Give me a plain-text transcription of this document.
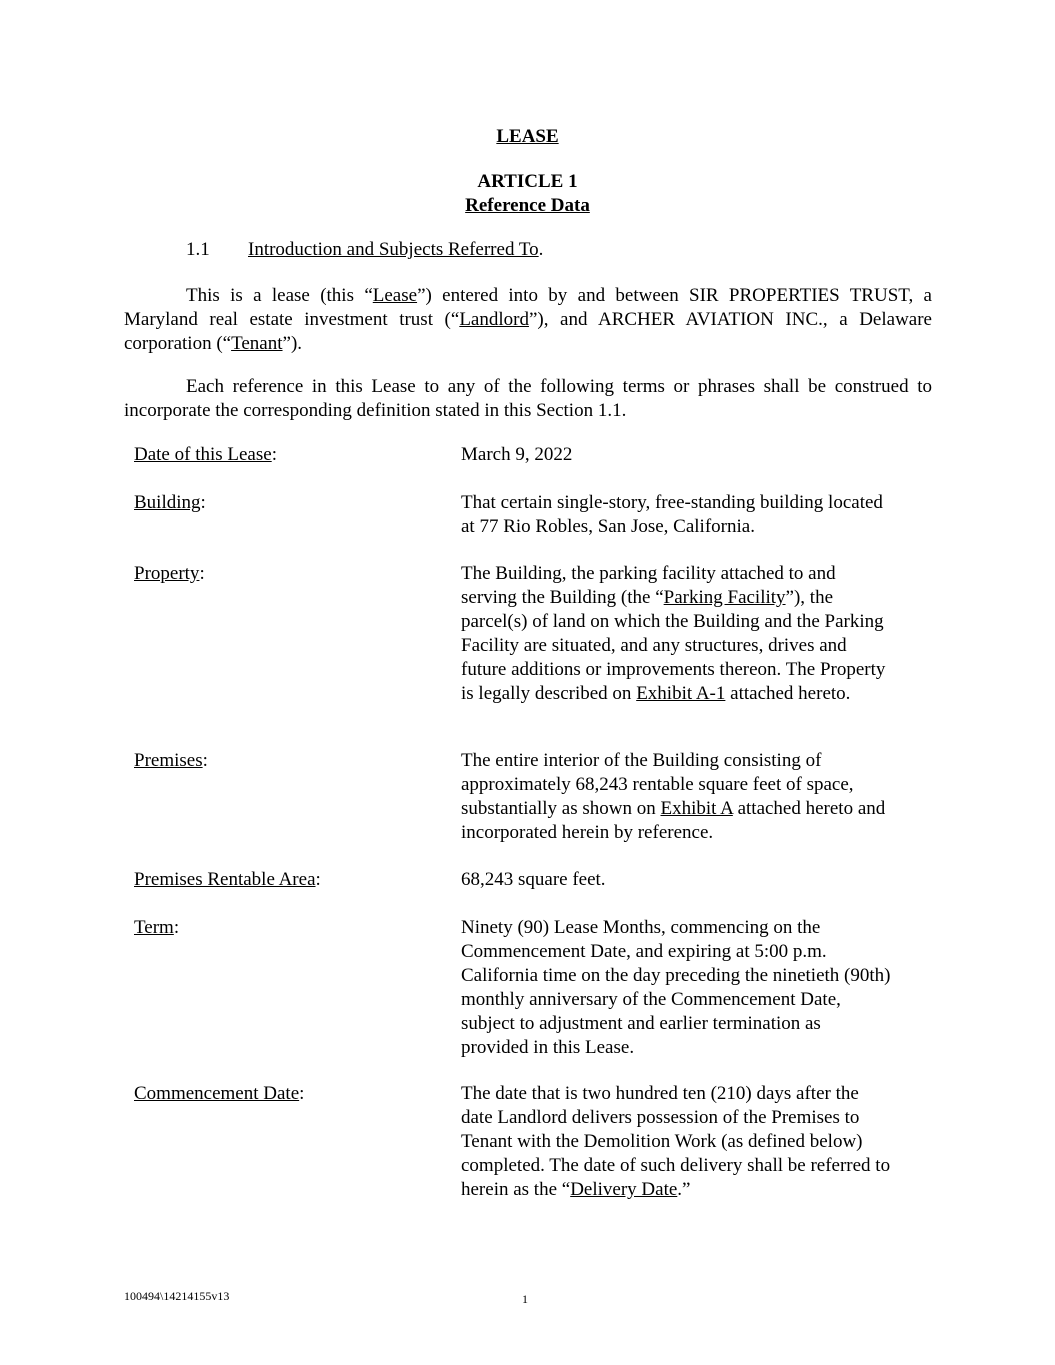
LEASE
ARTICLE 1
Reference Data
1.1 Introduction and Subjects Referred To.
This is a lease (this “Lease”) entered into by and between SIR PROPERTIES TRUST, a Maryland real estate investment trust (“Landlord”), and ARCHER AVIATION INC., a Delaware corporation (“Tenant”).
Each reference in this Lease to any of the following terms or phrases shall be construed to incorporate the corresponding definition stated in this Section 1.1.
Date of this Lease:	March 9, 2022
Building:	That certain single-story, free-standing building located
at 77 Rio Robles, San Jose, California.
Property:	The Building, the parking facility attached to and
serving the Building (the “Parking Facility”), the
parcel(s) of land on which the Building and the Parking
Facility are situated, and any structures, drives and
future additions or improvements thereon. The Property
is legally described on Exhibit A-1 attached hereto.
Premises:	The entire interior of the Building consisting of
approximately 68,243 rentable square feet of space,
substantially as shown on Exhibit A attached hereto and
incorporated herein by reference.
Premises Rentable Area:	68,243 square feet.
Term:	Ninety (90) Lease Months, commencing on the
Commencement Date, and expiring at 5:00 p.m.
California time on the day preceding the ninetieth (90th)
monthly anniversary of the Commencement Date,
subject to adjustment and earlier termination as
provided in this Lease.
Commencement Date:	The date that is two hundred ten (210) days after the
date Landlord delivers possession of the Premises to
Tenant with the Demolition Work (as defined below)
completed. The date of such delivery shall be referred to
herein as the “Delivery Date.”
100494\14214155v13	1
